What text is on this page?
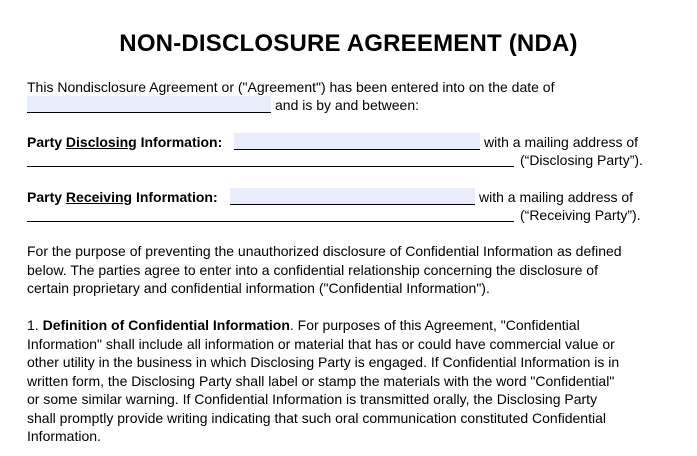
NON-DISCLOSURE AGREEMENT (NDA)
This Nondisclosure Agreement or ("Agreement") has been entered into on the date of
and is by and between:
Party Disclosing Information:	with a mailing address of
(“Disclosing Party”).
Party Receiving Information:	with a mailing address of
(“Receiving Party”).
For the purpose of preventing the unauthorized disclosure of Confidential Information as defined
below. The parties agree to enter into a confidential relationship concerning the disclosure of
certain proprietary and confidential information ("Confidential Information").
1. Definition of Confidential Information. For purposes of this Agreement, "Confidential
Information" shall include all information or material that has or could have commercial value or
other utility in the business in which Disclosing Party is engaged. If Confidential Information is in
written form, the Disclosing Party shall label or stamp the materials with the word "Confidential"
or some similar warning. If Confidential Information is transmitted orally, the Disclosing Party
shall promptly provide writing indicating that such oral communication constituted Confidential
Information.
